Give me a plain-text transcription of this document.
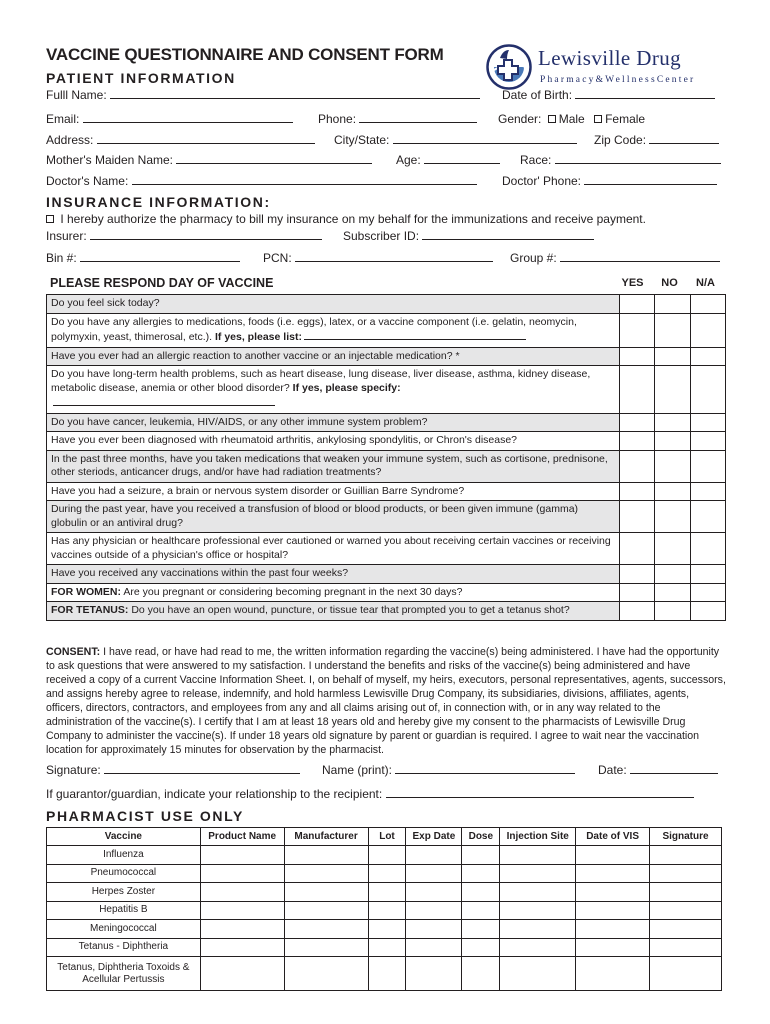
VACCINE QUESTIONNAIRE AND CONSENT FORM	Lewisville Drug
Pharmacy&WellnessCenter
PATIENT INFORMATION
Fulll Name:	Date of Birth:
Email:	Phone:	Gender: Male Female
Address:	City/State:	Zip Code:
Mother's Maiden Name:	Age:	Race:
Doctor's Name:	Doctor' Phone:
INSURANCE INFORMATION:
I hereby authorize the pharmacy to bill my insurance on my behalf for the immunizations and receive payment.
Insurer:	Subscriber ID:
Bin #:	PCN:	Group #:
PLEASE RESPOND DAY OF VACCINE	YES	NO	N/A
Do you feel sick today?			
Do you have any allergies to medications, foods (i.e. eggs), latex, or a vaccine component (i.e. gelatin, neomycin, polymyxin, yeast, thimerosal, etc.). If yes, please list:			
Have you ever had an allergic reaction to another vaccine or an injectable medication? *			
Do you have long-term health problems, such as heart disease, lung disease, liver disease, asthma, kidney disease, metabolic disease, anemia or other blood disorder? If yes, please specify:			
Do you have cancer, leukemia, HIV/AIDS, or any other immune system problem?			
Have you ever been diagnosed with rheumatoid arthritis, ankylosing spondylitis, or Chron's disease?			
In the past three months, have you taken medications that weaken your immune system, such as cortisone, prednisone, other steriods, anticancer drugs, and/or have had radiation treatments?			
Have you had a seizure, a brain or nervous system disorder or Guillian Barre Syndrome?			
During the past year, have you received a transfusion of blood or blood products, or been given immune (gamma) globulin or an antiviral drug?			
Has any physician or healthcare professional ever cautioned or warned you about receiving certain vaccines or receiving vaccines outside of a physician's office or hospital?			
Have you received any vaccinations within the past four weeks?			
FOR WOMEN: Are you pregnant or considering becoming pregnant in the next 30 days?			
FOR TETANUS: Do you have an open wound, puncture, or tissue tear that prompted you to get a tetanus shot?			
CONSENT: I have read, or have had read to me, the written information regarding the vaccine(s) being administered. I have had the opportunity to ask questions that were answered to my satisfaction. I understand the benefits and risks of the vaccine(s) being administered and have received a copy of a current Vaccine Information Sheet. I, on behalf of myself, my heirs, executors, personal representatives, agents, successors, and assigns hereby agree to release, indemnify, and hold harmless Lewisville Drug Company, its subsidiaries, divisions, affiliates, agents, officers, directors, contractors, and employees from any and all claims arising out of, in connection with, or in any way related to the administration of the vaccine(s). I certify that I am at least 18 years old and hereby give my consent to the pharmacists of Lewisville Drug Company to administer the vaccine(s). If under 18 years old signature by parent or guardian is required. I agree to wait near the vaccination location for approximately 15 minutes for observation by the pharmacist.
Signature:	Name (print):	Date:
If guarantor/guardian, indicate your relationship to the recipient:
PHARMACIST USE ONLY
Vaccine	Product Name	Manufacturer	Lot	Exp Date	Dose	Injection Site	Date of VIS	Signature
Influenza								
Pneumococcal								
Herpes Zoster								
Hepatitis B								
Meningococcal								
Tetanus - Diphtheria								
Tetanus, Diphtheria Toxoids & Acellular Pertussis								
